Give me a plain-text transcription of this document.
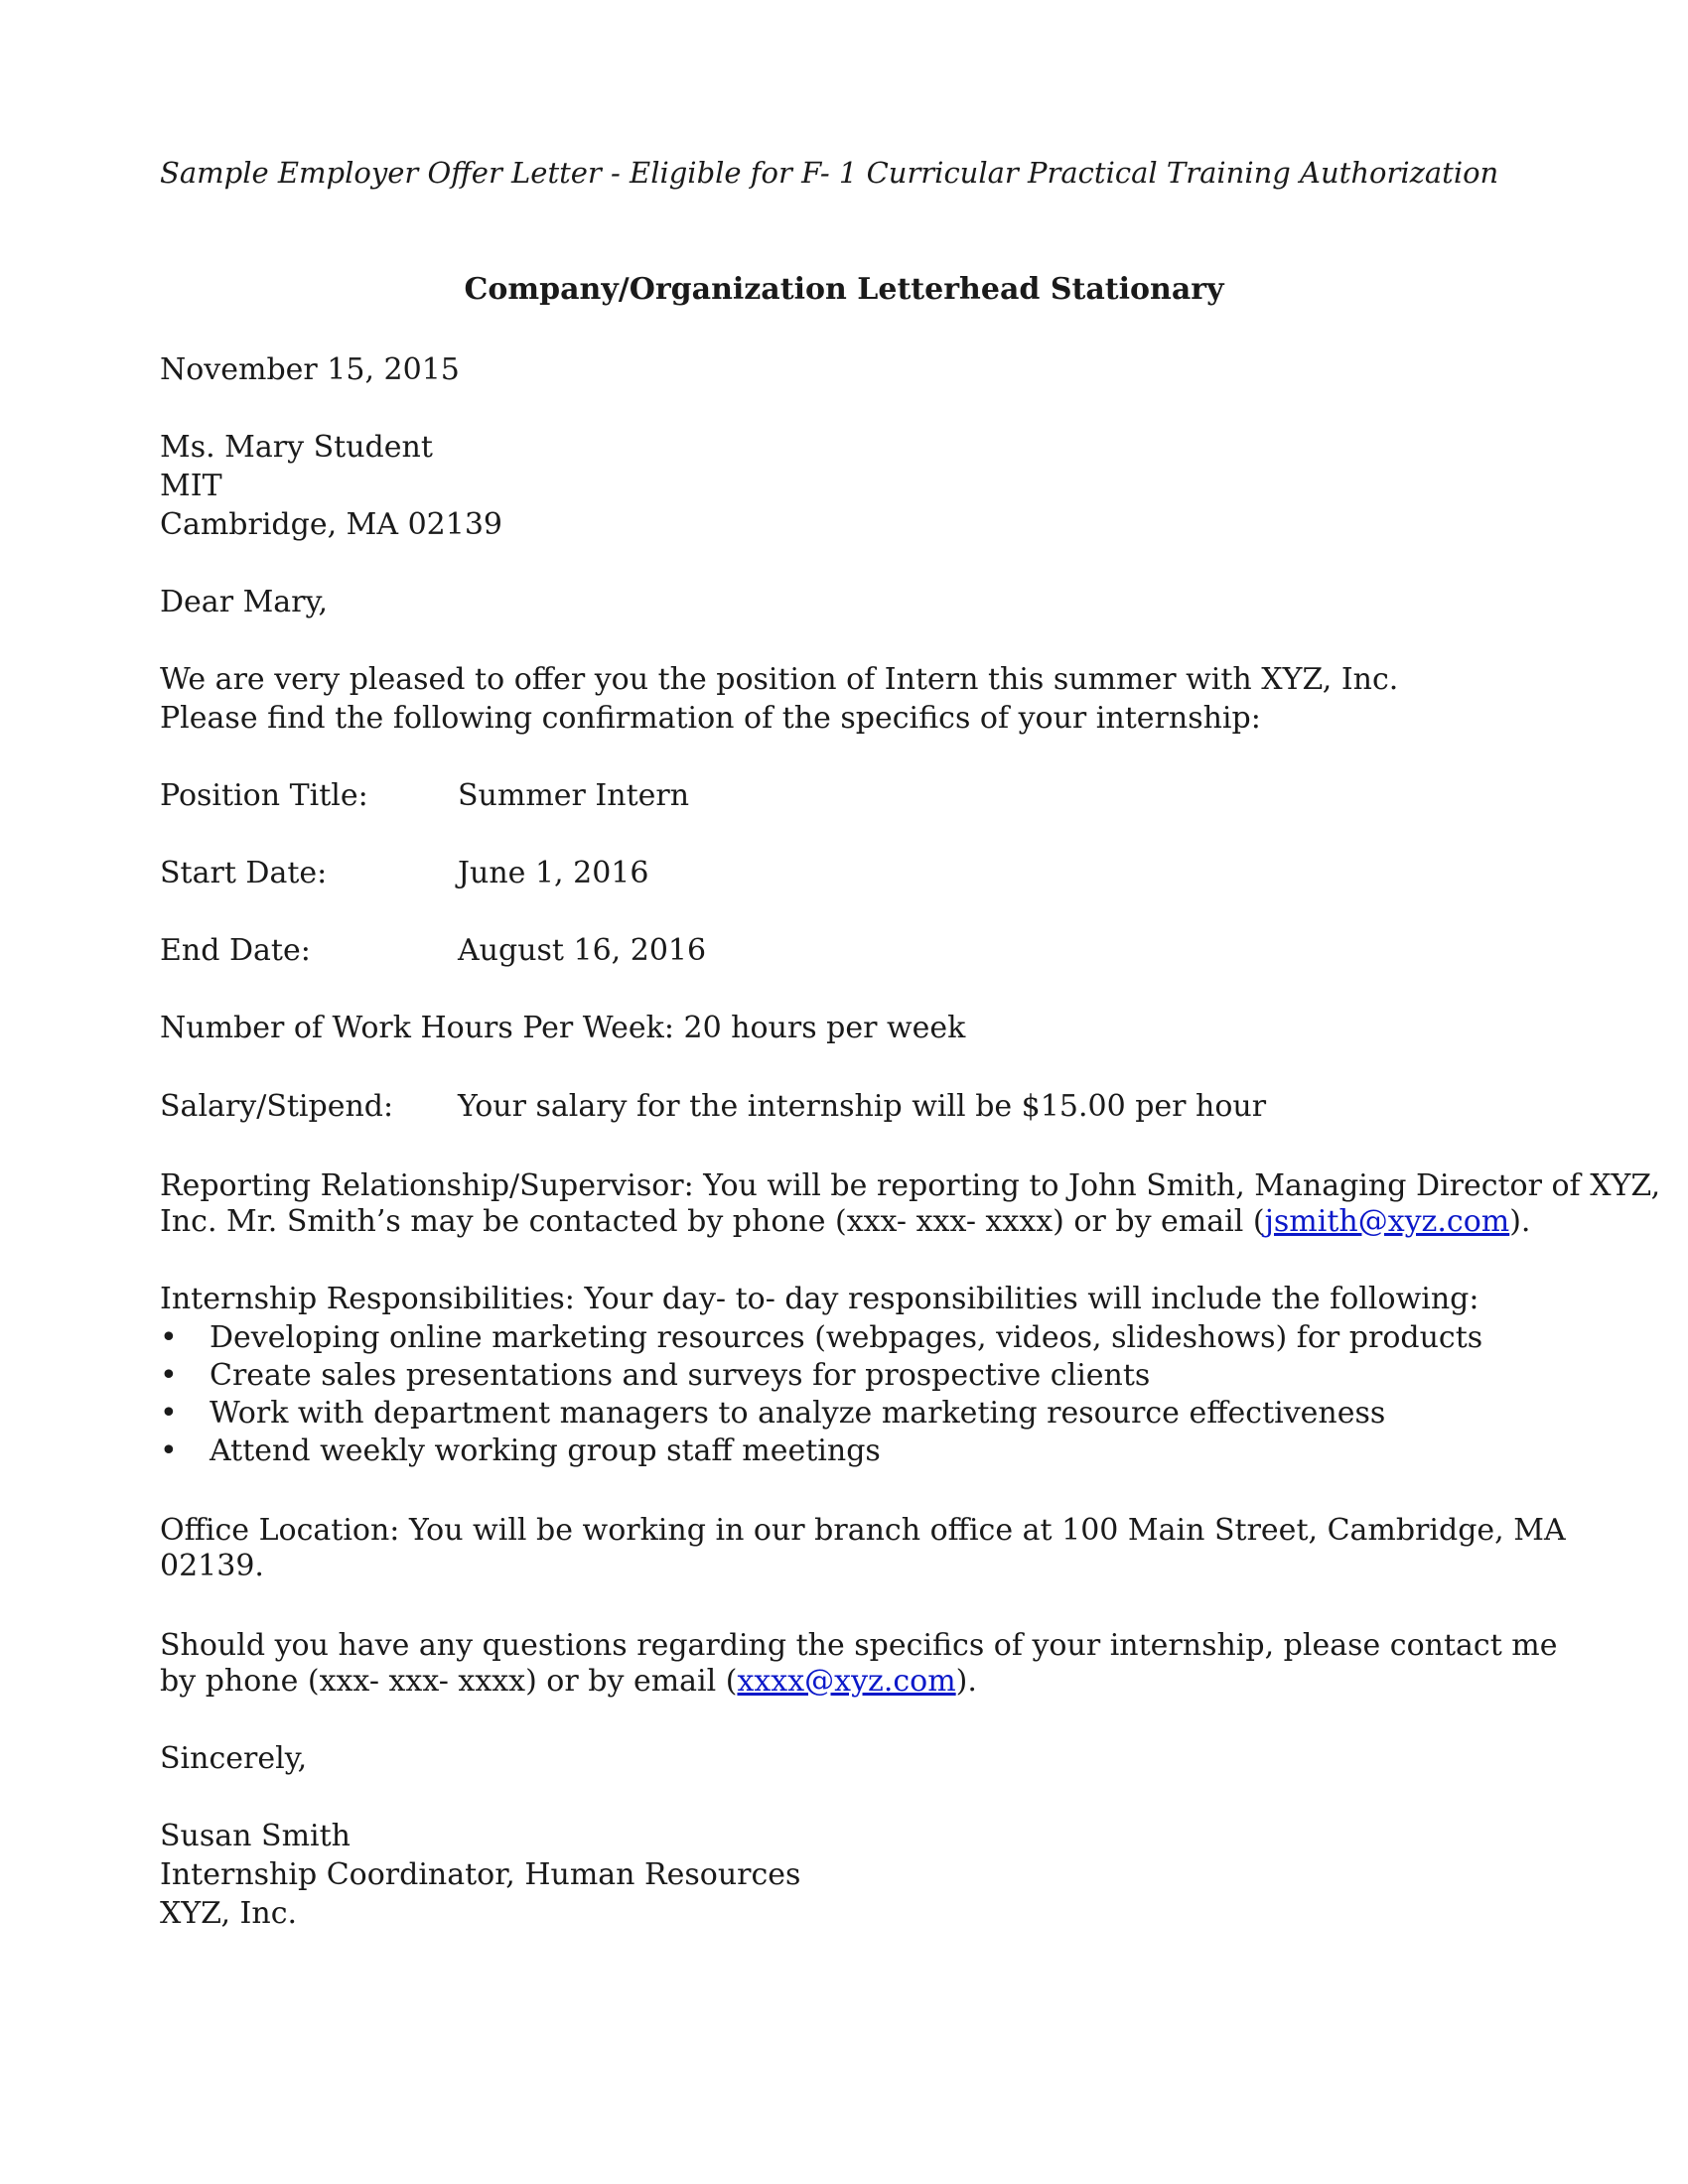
Sample Employer Offer Letter - Eligible for F- 1 Curricular Practical Training Authorization
Company/Organization Letterhead Stationary
November 15, 2015
Ms. Mary Student
MIT
Cambridge, MA 02139
Dear Mary,
We are very pleased to offer you the position of Intern this summer with XYZ, Inc.
Please find the following confirmation of the specifics of your internship:
Position Title:	Summer Intern
Start Date:	June 1, 2016
End Date:	August 16, 2016
Number of Work Hours Per Week: 20 hours per week
Salary/Stipend: Your salary for the internship will be $15.00 per hour
Reporting Relationship/Supervisor: You will be reporting to John Smith, Managing Director of XYZ,
Inc. Mr. Smith’s may be contacted by phone (xxx- xxx- xxxx) or by email (jsmith@xyz.com).
Internship Responsibilities: Your day- to- day responsibilities will include the following:
• Developing online marketing resources (webpages, videos, slideshows) for products
• Create sales presentations and surveys for prospective clients
• Work with department managers to analyze marketing resource effectiveness
• Attend weekly working group staff meetings
Office Location: You will be working in our branch office at 100 Main Street, Cambridge, MA
02139.
Should you have any questions regarding the specifics of your internship, please contact me
by phone (xxx- xxx- xxxx) or by email (xxxx@xyz.com).
Sincerely,
Susan Smith
Internship Coordinator, Human Resources
XYZ, Inc.
